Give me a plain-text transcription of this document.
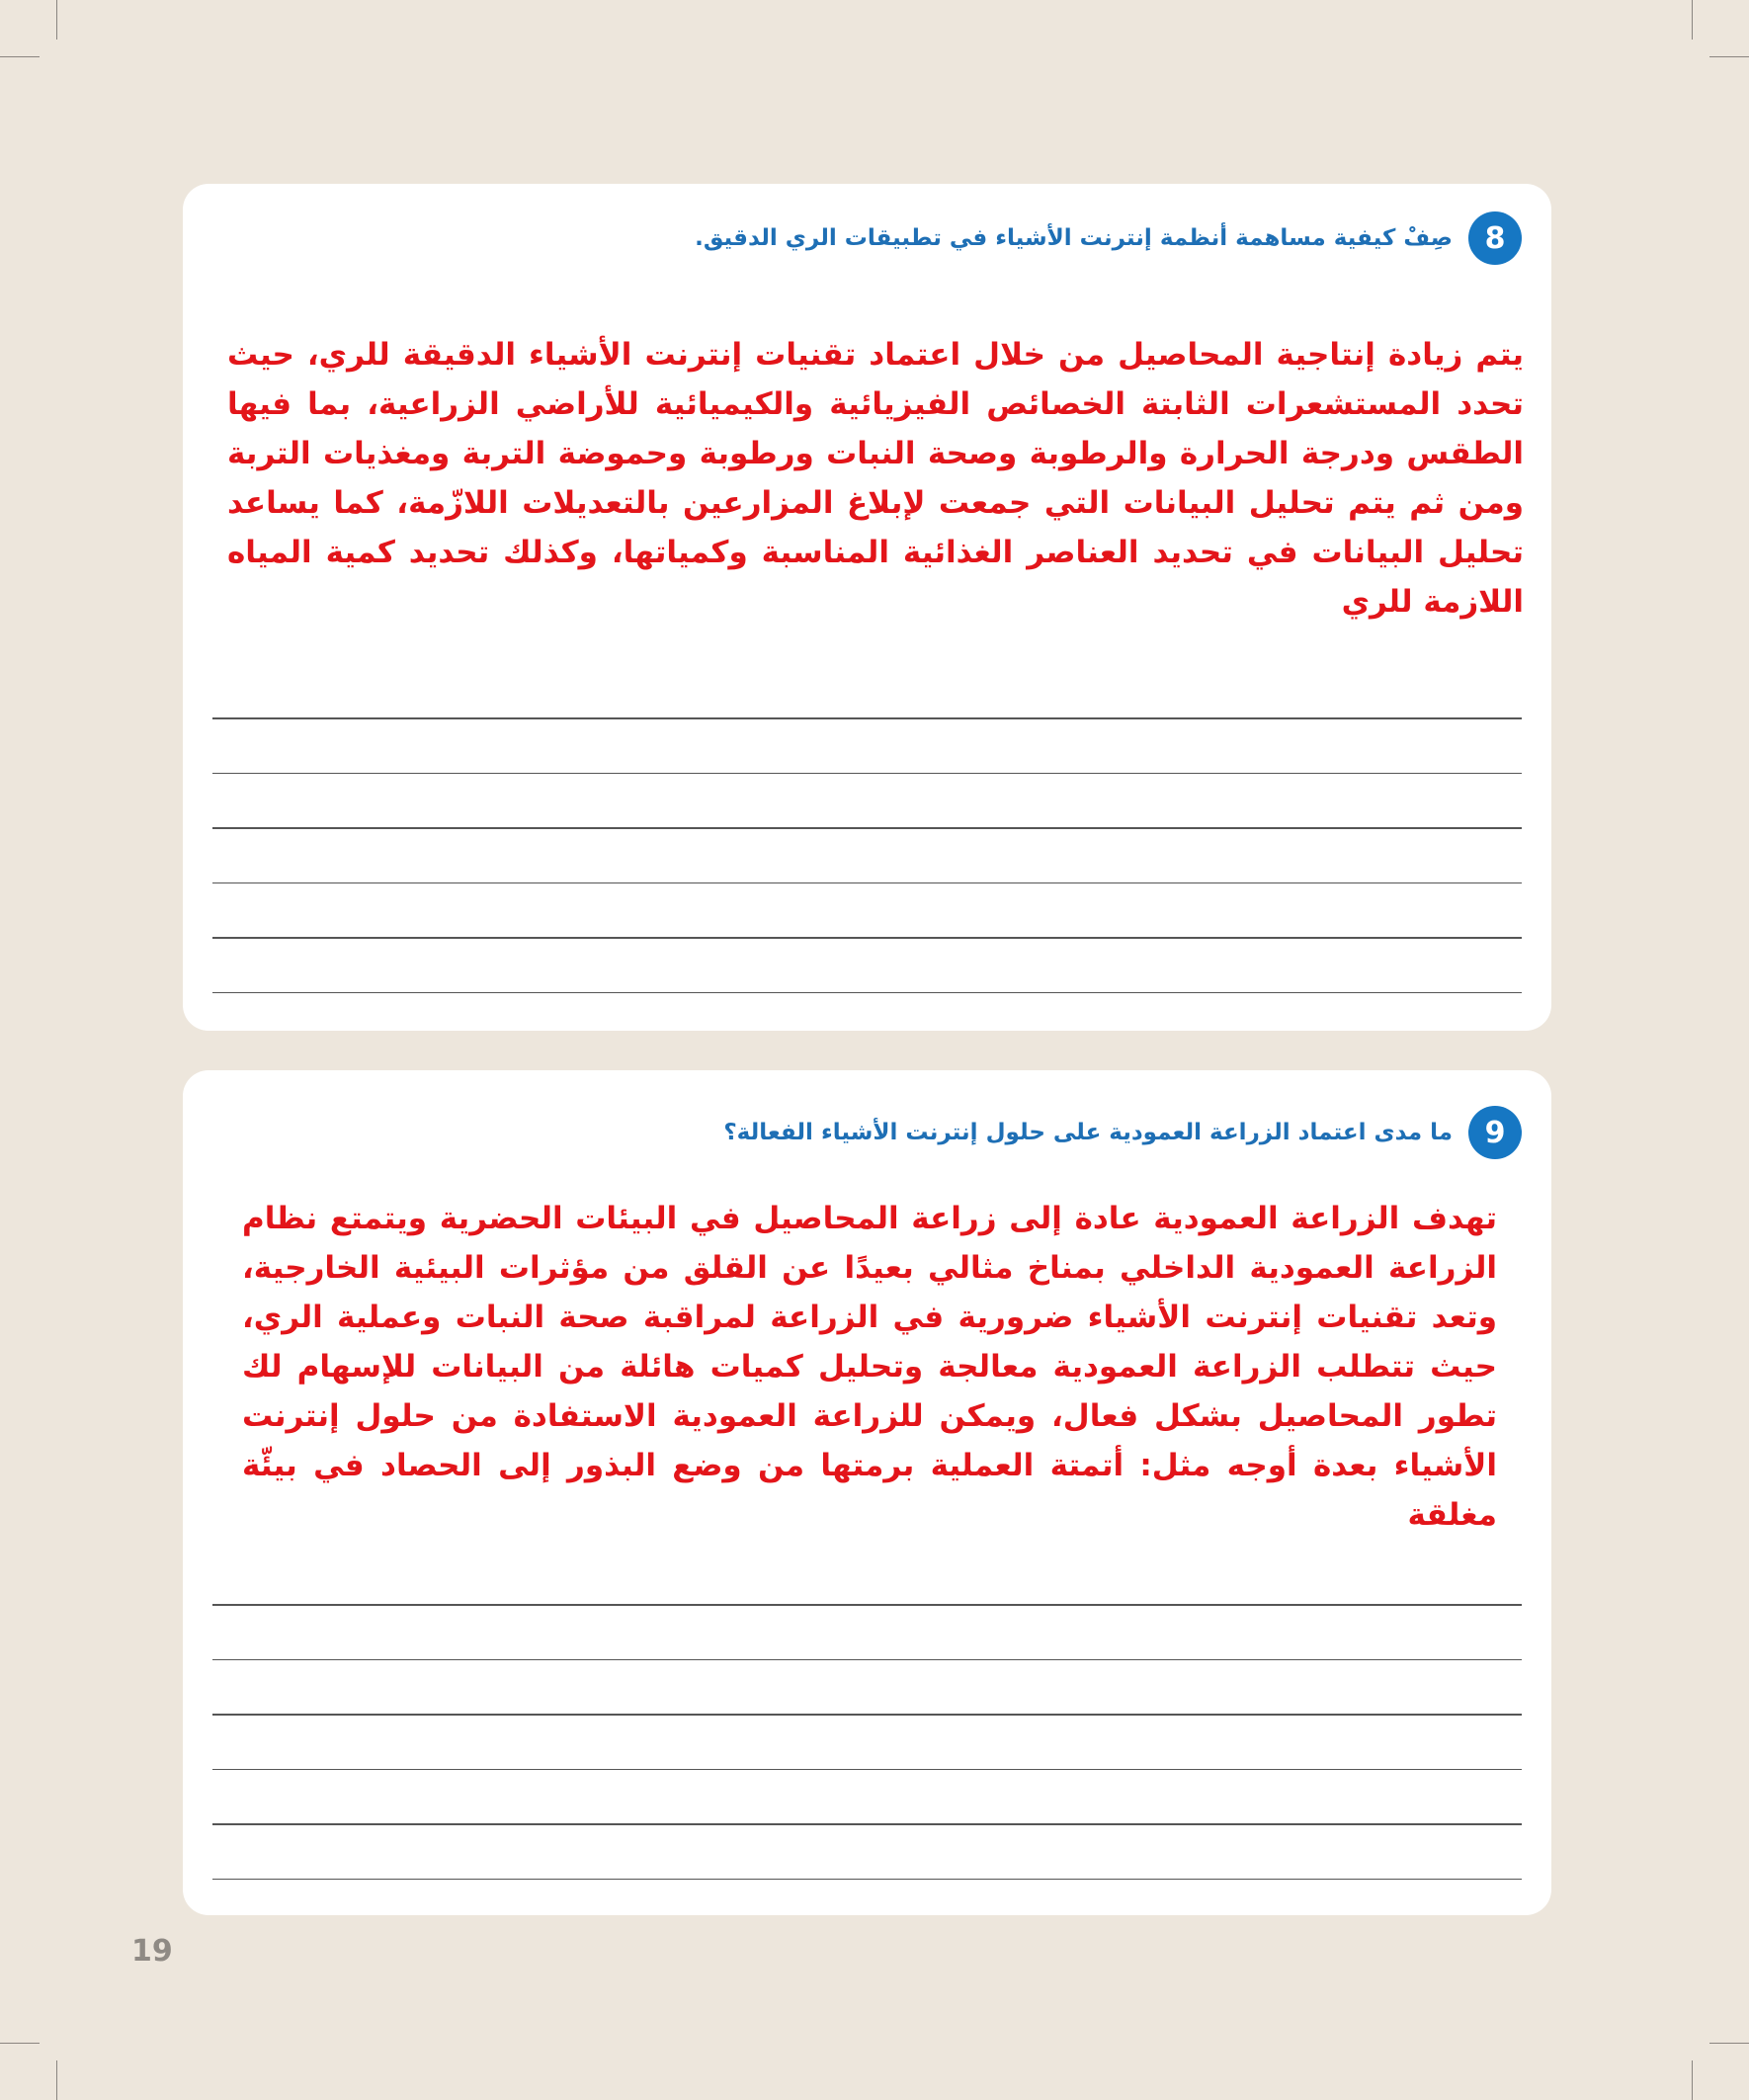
8
صِفْ كيفية مساهمة أنظمة إنترنت الأشياء في تطبيقات الري الدقيق.
يتم زيادة إنتاجية المحاصيل من خلال اعتماد تقنيات إنترنت الأشياء الدقيقة للري، حيث تحدد المستشعرات الثابتة الخصائص الفيزيائية والكيميائية للأراضي الزراعية، بما فيها الطقس ودرجة الحرارة والرطوبة وصحة النبات ورطوبة وحموضة التربة ومغذيات التربة ومن ثم يتم تحليل البيانات التي جمعت لإبلاغ المزارعين بالتعديلات اللازّمة، كما يساعد تحليل البيانات في تحديد العناصر الغذائية المناسبة وكمياتها، وكذلك تحديد كمية المياه اللازمة للري
9
ما مدى اعتماد الزراعة العمودية على حلول إنترنت الأشياء الفعالة؟
تهدف الزراعة العمودية عادة إلى زراعة المحاصيل في البيئات الحضرية ويتمتع نظام الزراعة العمودية الداخلي بمناخ مثالي بعيدًا عن القلق من مؤثرات البيئية الخارجية، وتعد تقنيات إنترنت الأشياء ضرورية في الزراعة لمراقبة صحة النبات وعملية الري، حيث تتطلب الزراعة العمودية معالجة وتحليل كميات هائلة من البيانات للإسهام لك تطور المحاصيل بشكل فعال، ويمكن للزراعة العمودية الاستفادة من حلول إنترنت الأشياء بعدة أوجه مثل: أتمتة العملية برمتها من وضع البذور إلى الحصاد في بيئّة مغلقة
19
